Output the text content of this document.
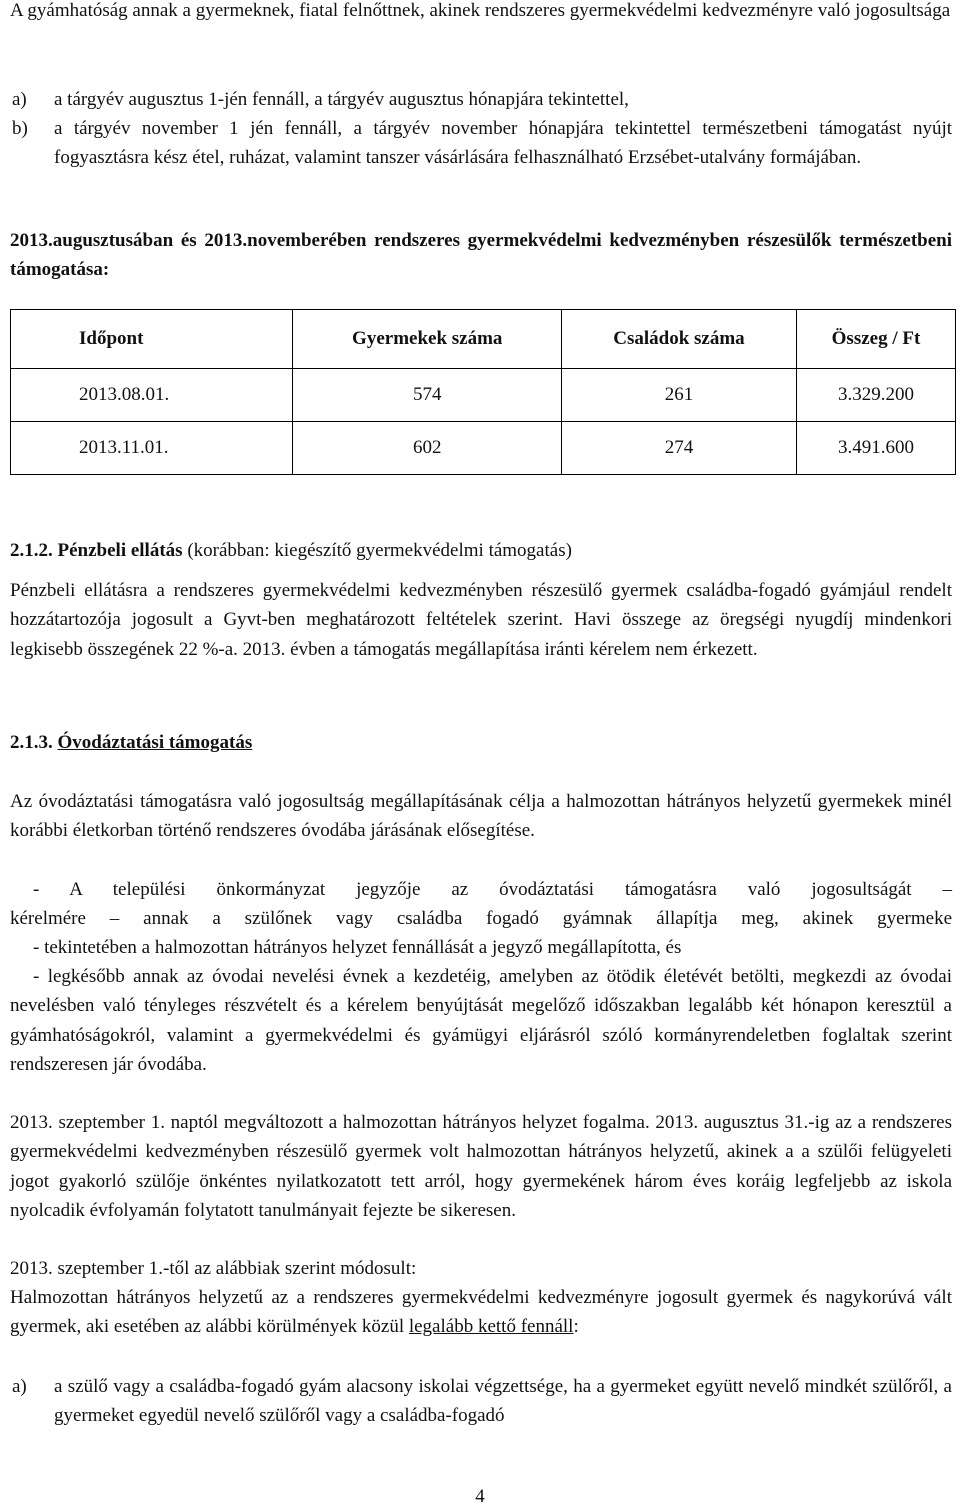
A gyámhatóság annak a gyermeknek, fiatal felnőttnek, akinek rendszeres gyermekvédelmi kedvezményre való jogosultsága
a) a tárgyév augusztus 1-jén fennáll, a tárgyév augusztus hónapjára tekintettel,
b) a tárgyév november 1 jén fennáll, a tárgyév november hónapjára tekintettel természetbeni támogatást nyújt fogyasztásra kész étel, ruházat, valamint tanszer vásárlására felhasználható Erzsébet-utalvány formájában.
2013.augusztusában és 2013.novemberében rendszeres gyermekvédelmi kedvezményben részesülők természetbeni támogatása:
Időpont	Gyermekek száma	Családok száma	Összeg / Ft
2013.08.01.	574	261	3.329.200
2013.11.01.	602	274	3.491.600
2.1.2. Pénzbeli ellátás (korábban: kiegészítő gyermekvédelmi támogatás)
Pénzbeli ellátásra a rendszeres gyermekvédelmi kedvezményben részesülő gyermek családba-fogadó gyámjául rendelt hozzátartozója jogosult a Gyvt-ben meghatározott feltételek szerint. Havi összege az öregségi nyugdíj mindenkori legkisebb összegének 22 %-a. 2013. évben a támogatás megállapítása iránti kérelem nem érkezett.
2.1.3. Óvodáztatási támogatás
Az óvodáztatási támogatásra való jogosultság megállapításának célja a halmozottan hátrányos helyzetű gyermekek minél korábbi életkorban történő rendszeres óvodába járásának elősegítése.
- A települési önkormányzat jegyzője az óvodáztatási támogatásra való jogosultságát –
kérelmére – annak a szülőnek vagy családba fogadó gyámnak állapítja meg, akinek gyermeke
- tekintetében a halmozottan hátrányos helyzet fennállását a jegyző megállapította, és
- legkésőbb annak az óvodai nevelési évnek a kezdetéig, amelyben az ötödik életévét betölti, megkezdi az óvodai nevelésben való tényleges részvételt és a kérelem benyújtását megelőző időszakban legalább két hónapon keresztül a gyámhatóságokról, valamint a gyermekvédelmi és gyámügyi eljárásról szóló kormányrendeletben foglaltak szerint rendszeresen jár óvodába.
2013. szeptember 1. naptól megváltozott a halmozottan hátrányos helyzet fogalma. 2013. augusztus 31.-ig az a rendszeres gyermekvédelmi kedvezményben részesülő gyermek volt halmozottan hátrányos helyzetű, akinek a a szülői felügyeleti jogot gyakorló szülője önkéntes nyilatkozatott tett arról, hogy gyermekének három éves koráig legfeljebb az iskola nyolcadik évfolyamán folytatott tanulmányait fejezte be sikeresen.
2013. szeptember 1.-től az alábbiak szerint módosult:
Halmozottan hátrányos helyzetű az a rendszeres gyermekvédelmi kedvezményre jogosult gyermek és nagykorúvá vált gyermek, aki esetében az alábbi körülmények közül legalább kettő fennáll:
a) a szülő vagy a családba-fogadó gyám alacsony iskolai végzettsége, ha a gyermeket együtt nevelő mindkét szülőről, a gyermeket egyedül nevelő szülőről vagy a családba-fogadó
4
